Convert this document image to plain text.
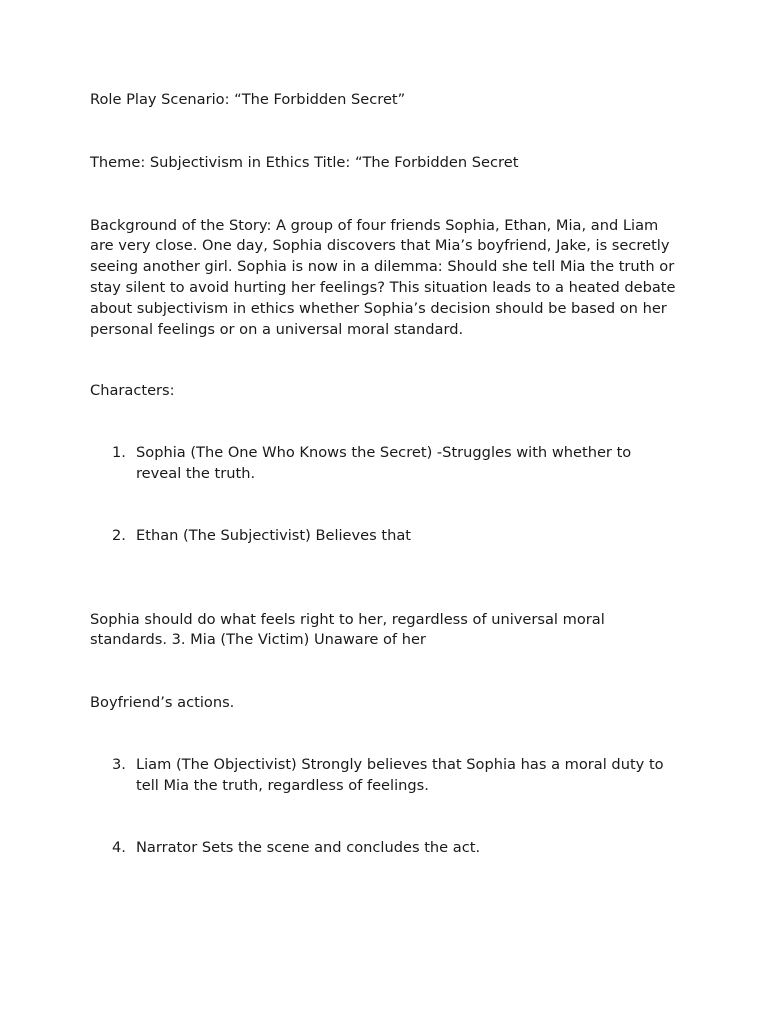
Role Play Scenario: “The Forbidden Secret”

Theme: Subjectivism in Ethics Title: “The Forbidden Secret

Background of the Story: A group of four friends Sophia, Ethan, Mia, and Liam are very close. One day, Sophia discovers that Mia’s boyfriend, Jake, is secretly seeing another girl. Sophia is now in a dilemma: Should she tell Mia the truth or stay silent to avoid hurting her feelings? This situation leads to a heated debate about subjectivism in ethics whether Sophia’s decision should be based on her personal feelings or on a universal moral standard.

Characters:

1. Sophia (The One Who Knows the Secret) -Struggles with whether to reveal the truth.
2. Ethan (The Subjectivist) Believes that

Sophia should do what feels right to her, regardless of universal moral standards. 3. Mia (The Victim) Unaware of her

Boyfriend’s actions.

3. Liam (The Objectivist) Strongly believes that Sophia has a moral duty to tell Mia the truth, regardless of feelings.
4. Narrator Sets the scene and concludes the act.
